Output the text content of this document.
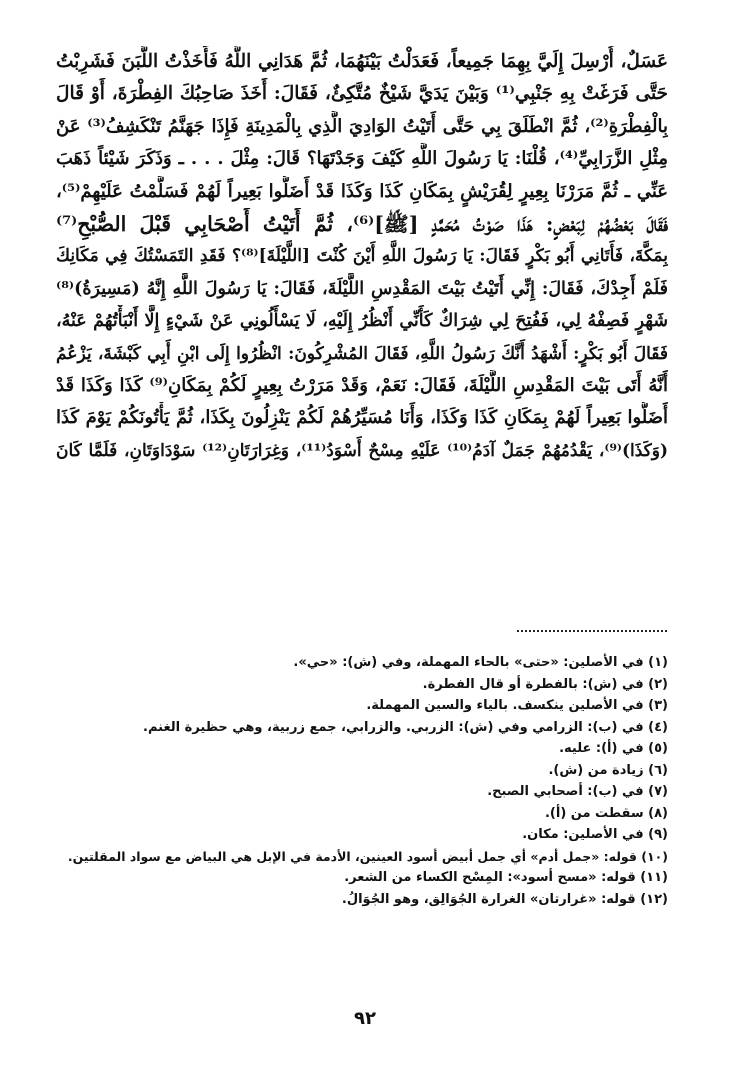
عَسَلٌ، أُرْسِلَ إِلَيَّ بِهِمَا جَمِيعاً، فَعَدَلْتُ بَيْنَهُمَا، ثُمَّ هَدَانِي اللَّهُ فَأَخَذْتُ اللَّبَنَ فَشَرِبْتُ
حَتَّى فَرَغَتْ بِهِ جَنْبِي⁽¹⁾ وَبَيْنَ يَدَيَّ شَيْخٌ مُتَّكِئٌ، فَقَالَ: أَخَذَ صَاحِبُكَ الفِطْرَةَ، أَوْ قَالَ
بِالْفِطْرَةِ⁽²⁾، ثُمَّ انْطَلَقَ بِي حَتَّى أَتَيْتُ الوَادِيَ الَّذِي بِالْمَدِينَةِ فَإِذَا جَهَنَّمُ تَنْكَشِفُ⁽³⁾ عَنْ
مِثْلِ الزَّرَابِيِّ⁽⁴⁾، قُلْنَا: يَا رَسُولَ اللَّهِ كَيْفَ وَجَدْتَهَا؟ قَالَ: مِثْلَ . . . ـ وَذَكَرَ شَيْئاً ذَهَبَ
عَنِّي ـ ثُمَّ مَرَرْنَا بِعِيرٍ لِقُرَيْشٍ بِمَكَانِ كَذَا وَكَذَا قَدْ أَضَلُّوا بَعِيراً لَهُمْ فَسَلَّمْتُ عَلَيْهِمْ⁽⁵⁾،
فَقَالَ بَعْضُهُمْ لِبَعْضٍ: هَذَا صَوْتُ مُحَمَّدٍ [ﷺ]⁽⁶⁾، ثُمَّ أَتَيْتُ أَصْحَابِي قَبْلَ الصُّبْحِ⁽⁷⁾
بِمَكَّةَ، فَأَتَانِي أَبُو بَكْرٍ فَقَالَ: يَا رَسُولَ اللَّهِ أَيْنَ كُنْتَ [اللَّيْلَةَ]⁽⁸⁾؟ فَقَدِ التَمَسْتُكَ فِي مَكَانِكَ
فَلَمْ أَجِدْكَ، فَقَالَ: إِنِّي أَتَيْتُ بَيْتَ المَقْدِسِ اللَّيْلَةَ، فَقَالَ: يَا رَسُولَ اللَّهِ إِنَّهُ (مَسِيرَةُ)⁽⁸⁾
شَهْرٍ فَصِفْهُ لِي، فَفُتِحَ لِي شِرَاكٌ كَأَنِّي أَنْظُرُ إِلَيْهِ، لَا يَسْأَلُونِي عَنْ شَيْءٍ إِلَّا أَنْبَأْتُهُمْ عَنْهُ،
فَقَالَ أَبُو بَكْرٍ: أَشْهَدُ أَنَّكَ رَسُولُ اللَّهِ، فَقَالَ المُشْرِكُونَ: انْظُرُوا إِلَى ابْنِ أَبِي كَبْشَةَ، يَزْعُمُ
أَنَّهُ أَتَى بَيْتَ المَقْدِسِ اللَّيْلَةَ، فَقَالَ: نَعَمْ، وَقَدْ مَرَرْتُ بِعِيرٍ لَكُمْ بِمَكَانِ⁽⁹⁾ كَذَا وَكَذَا قَدْ
أَضَلُّوا بَعِيراً لَهُمْ بِمَكَانِ كَذَا وَكَذَا، وَأَنَا مُسَيِّرُهُمْ لَكُمْ يَنْزِلُونَ بِكَذَا، ثُمَّ يَأْتُونَكُمْ يَوْمَ كَذَا
(وَكَذَا)⁽⁹⁾، يَقْدُمُهُمْ جَمَلٌ آدَمُ⁽¹⁰⁾ عَلَيْهِ مِسْحٌ أَسْوَدُ⁽¹¹⁾، وَغِرَارَتَانِ⁽¹²⁾ سَوْدَاوَتَانِ، فَلَمَّا كَانَ
(١) في الأصلين: «حتى» بالحاء المهملة، وفي (ش): «حي».
(٢) في (ش): بالفطرة أو قال الفطرة.
(٣) في الأصلين ينكسف. بالياء والسين المهملة.
(٤) في (ب): الزرامي وفي (ش): الزربي. والزرابي، جمع زربية، وهي حظيرة الغنم.
(٥) في (أ): عليه.
(٦) زيادة من (ش).
(٧) في (ب): أصحابي الصبح.
(٨) سقطت من (أ).
(٩) في الأصلين: مكان.
(١٠) قوله: «جمل أدم» أي جمل أبيض أسود العينين، الأدمة في الإبل هي البياض مع سواد المقلتين.
(١١) قوله: «مسح أسود»: المِسْح الكساء من الشعر.
(١٢) قوله: «غرارتان» الغرارة الجُوَالِق، وهو الجُوَالُ.
٩٢
